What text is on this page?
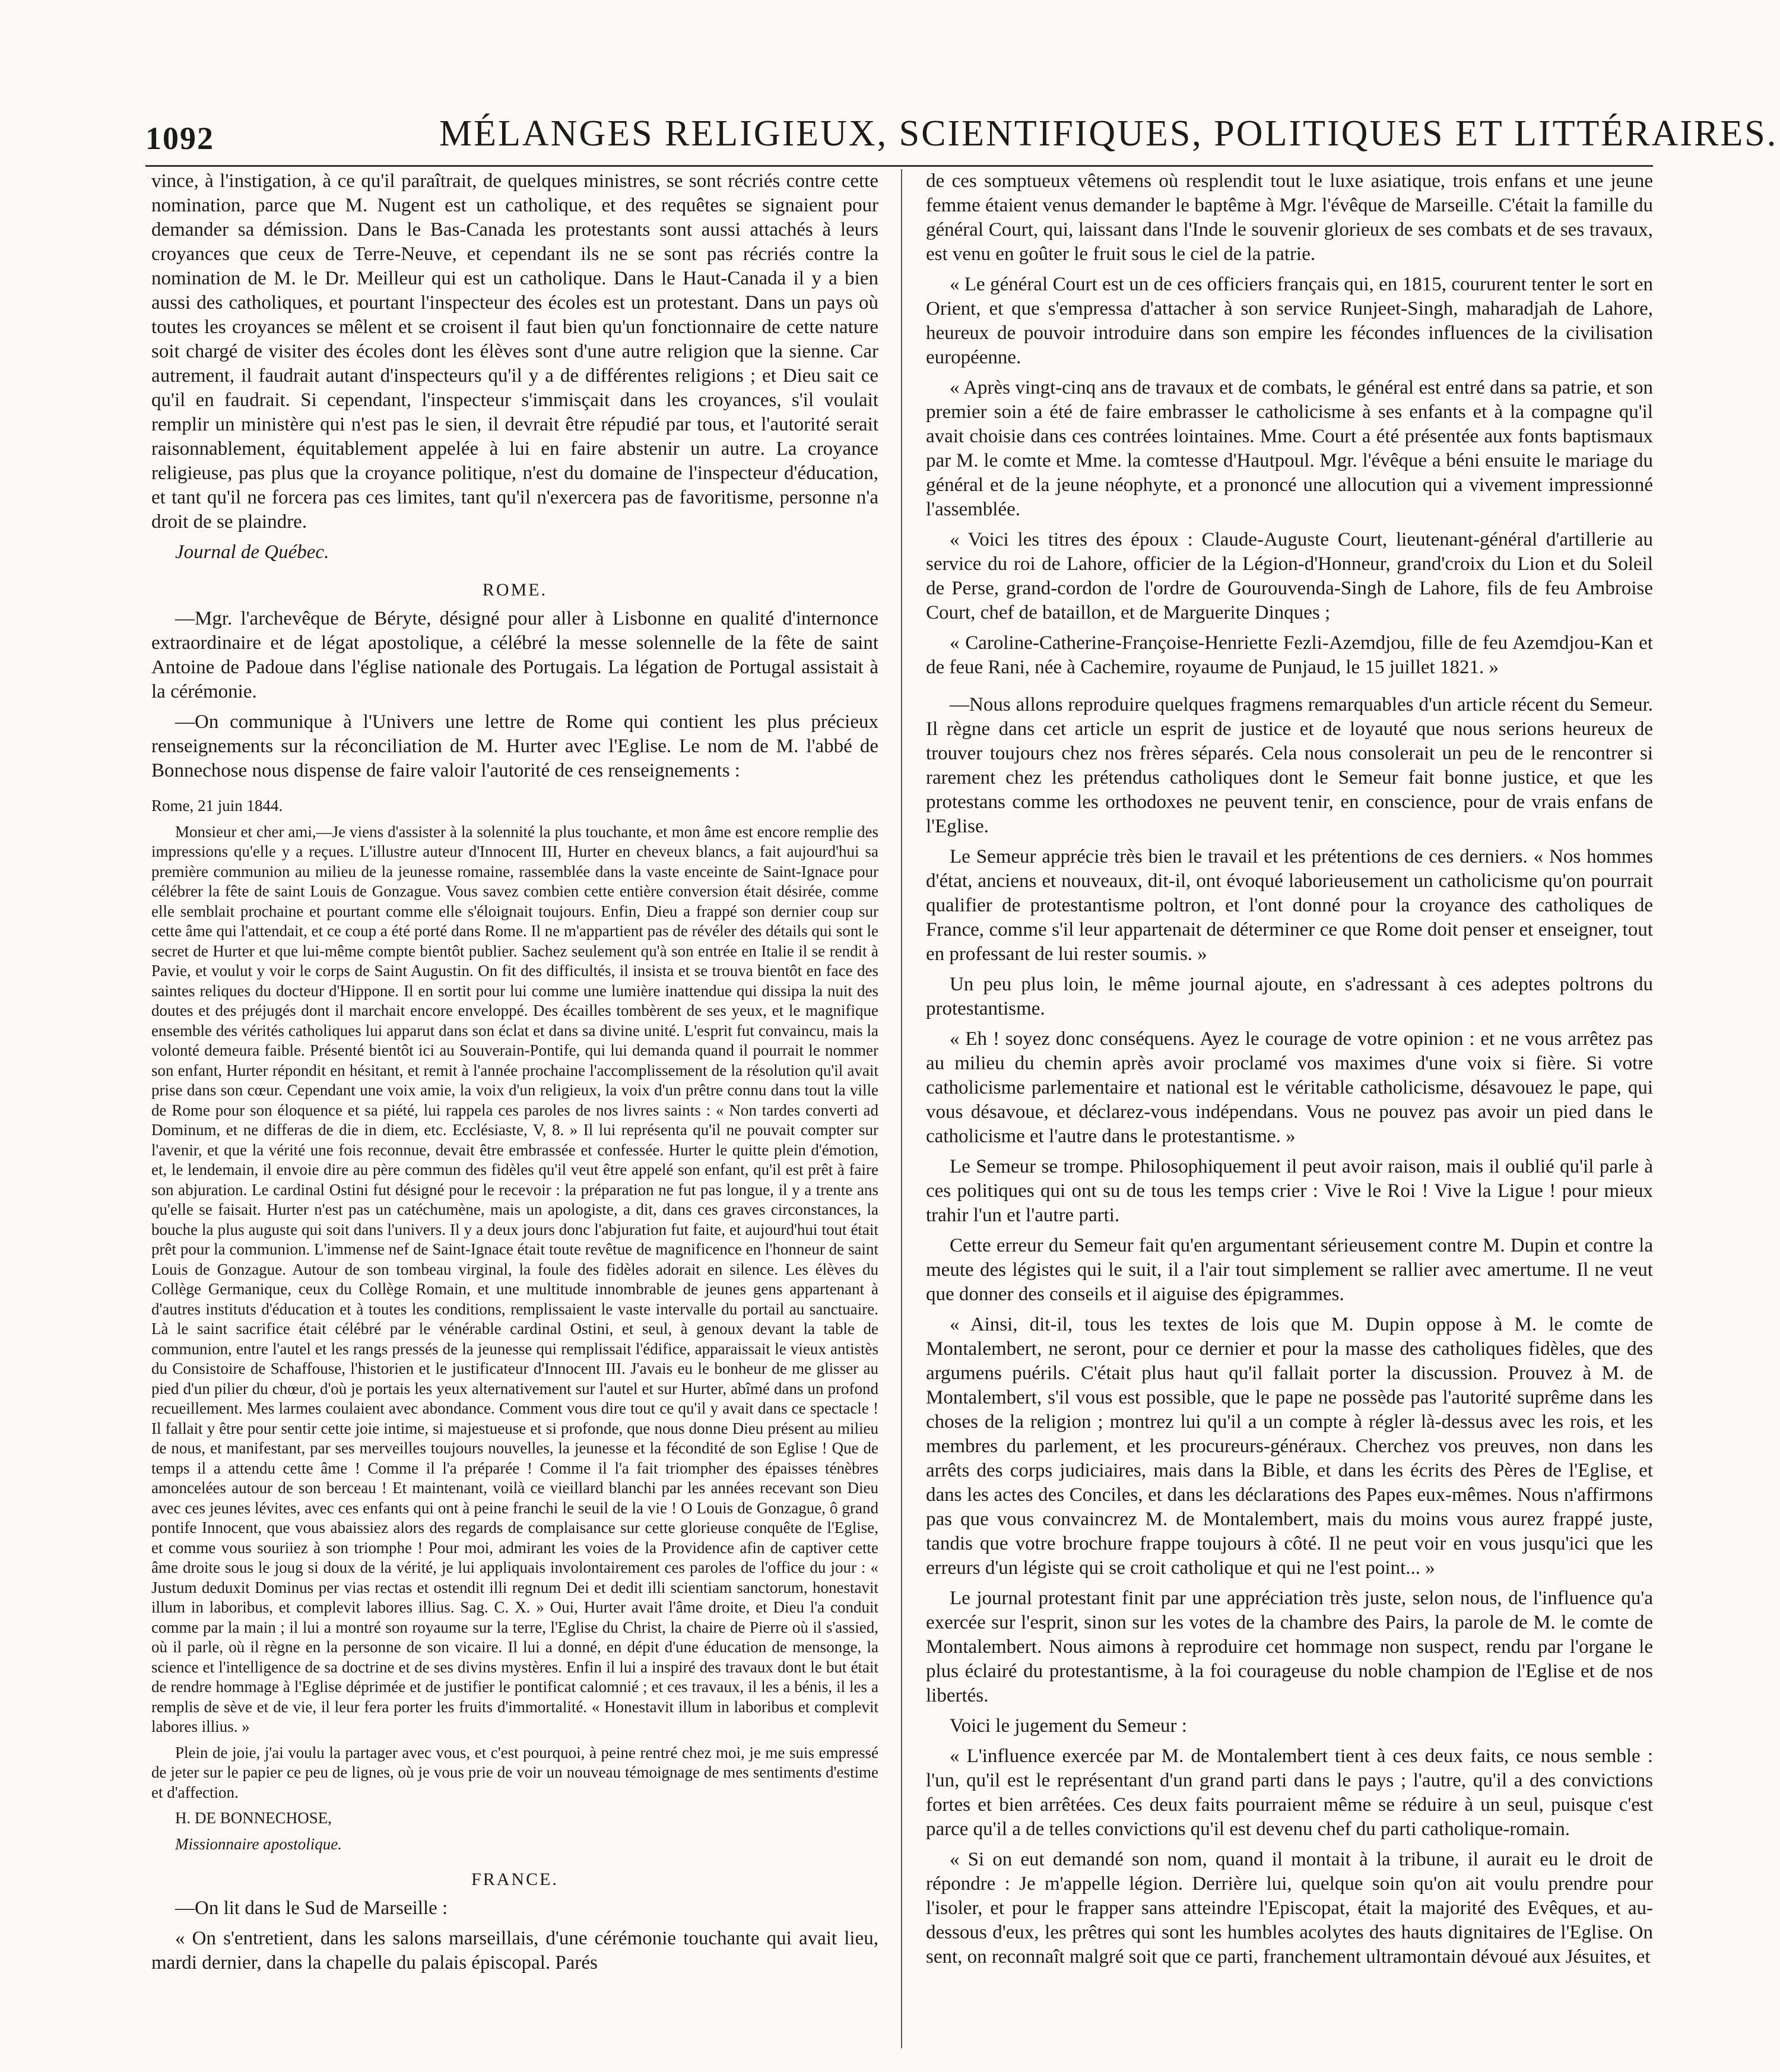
1092	MÉLANGES RELIGIEUX, SCIENTIFIQUES, POLITIQUES ET LITTÉRAIRES.

vince, à l'instigation, à ce qu'il paraîtrait, de quelques ministres, se sont récriés contre cette nomination, parce que M. Nugent est un catholique, et des requêtes se signaient pour demander sa démission. Dans le Bas-Canada les protestants sont aussi attachés à leurs croyances que ceux de Terre-Neuve, et cependant ils ne se sont pas récriés contre la nomination de M. le Dr. Meilleur qui est un catholique. Dans le Haut-Canada il y a bien aussi des catholiques, et pourtant l'inspecteur des écoles est un protestant. Dans un pays où toutes les croyances se mêlent et se croisent il faut bien qu'un fonctionnaire de cette nature soit chargé de visiter des écoles dont les élèves sont d'une autre religion que la sienne. Car autrement, il faudrait autant d'inspecteurs qu'il y a de différentes religions ; et Dieu sait ce qu'il en faudrait. Si cependant, l'inspecteur s'immisçait dans les croyances, s'il voulait remplir un ministère qui n'est pas le sien, il devrait être répudié par tous, et l'autorité serait raisonnablement, équitablement appelée à lui en faire abstenir un autre. La croyance religieuse, pas plus que la croyance politique, n'est du domaine de l'inspecteur d'éducation, et tant qu'il ne forcera pas ces limites, tant qu'il n'exercera pas de favoritisme, personne n'a droit de se plaindre.

Journal de Québec.

ROME.

—Mgr. l'archevêque de Béryte, désigné pour aller à Lisbonne en qualité d'internonce extraordinaire et de légat apostolique, a célébré la messe solennelle de la fête de saint Antoine de Padoue dans l'église nationale des Portugais. La légation de Portugal assistait à la cérémonie.

—On communique à l'Univers une lettre de Rome qui contient les plus précieux renseignements sur la réconciliation de M. Hurter avec l'Eglise. Le nom de M. l'abbé de Bonnechose nous dispense de faire valoir l'autorité de ces renseignements :

Rome, 21 juin 1844.

Monsieur et cher ami,—Je viens d'assister à la solennité la plus touchante, et mon âme est encore remplie des impressions qu'elle y a reçues. L'illustre auteur d'Innocent III, Hurter en cheveux blancs, a fait aujourd'hui sa première communion au milieu de la jeunesse romaine, rassemblée dans la vaste enceinte de Saint-Ignace pour célébrer la fête de saint Louis de Gonzague. Vous savez combien cette entière conversion était désirée, comme elle semblait prochaine et pourtant comme elle s'éloignait toujours. Enfin, Dieu a frappé son dernier coup sur cette âme qui l'attendait, et ce coup a été porté dans Rome. Il ne m'appartient pas de révéler des détails qui sont le secret de Hurter et que lui-même compte bientôt publier. Sachez seulement qu'à son entrée en Italie il se rendit à Pavie, et voulut y voir le corps de Saint Augustin. On fit des difficultés, il insista et se trouva bientôt en face des saintes reliques du docteur d'Hippone. Il en sortit pour lui comme une lumière inattendue qui dissipa la nuit des doutes et des préjugés dont il marchait encore enveloppé. Des écailles tombèrent de ses yeux, et le magnifique ensemble des vérités catholiques lui apparut dans son éclat et dans sa divine unité. L'esprit fut convaincu, mais la volonté demeura faible. Présenté bientôt ici au Souverain-Pontife, qui lui demanda quand il pourrait le nommer son enfant, Hurter répondit en hésitant, et remit à l'année prochaine l'accomplissement de la résolution qu'il avait prise dans son cœur. Cependant une voix amie, la voix d'un religieux, la voix d'un prêtre connu dans tout la ville de Rome pour son éloquence et sa piété, lui rappela ces paroles de nos livres saints : « Non tardes converti ad Dominum, et ne differas de die in diem, etc. Ecclésiaste, V, 8. » Il lui représenta qu'il ne pouvait compter sur l'avenir, et que la vérité une fois reconnue, devait être embrassée et confessée. Hurter le quitte plein d'émotion, et, le lendemain, il envoie dire au père commun des fidèles qu'il veut être appelé son enfant, qu'il est prêt à faire son abjuration. Le cardinal Ostini fut désigné pour le recevoir : la préparation ne fut pas longue, il y a trente ans qu'elle se faisait. Hurter n'est pas un catéchumène, mais un apologiste, a dit, dans ces graves circonstances, la bouche la plus auguste qui soit dans l'univers. Il y a deux jours donc l'abjuration fut faite, et aujourd'hui tout était prêt pour la communion. L'immense nef de Saint-Ignace était toute revêtue de magnificence en l'honneur de saint Louis de Gonzague. Autour de son tombeau virginal, la foule des fidèles adorait en silence. Les élèves du Collège Germanique, ceux du Collège Romain, et une multitude innombrable de jeunes gens appartenant à d'autres instituts d'éducation et à toutes les conditions, remplissaient le vaste intervalle du portail au sanctuaire. Là le saint sacrifice était célébré par le vénérable cardinal Ostini, et seul, à genoux devant la table de communion, entre l'autel et les rangs pressés de la jeunesse qui remplissait l'édifice, apparaissait le vieux antistès du Consistoire de Schaffouse, l'historien et le justificateur d'Innocent III. J'avais eu le bonheur de me glisser au pied d'un pilier du chœur, d'où je portais les yeux alternativement sur l'autel et sur Hurter, abîmé dans un profond recueillement. Mes larmes coulaient avec abondance. Comment vous dire tout ce qu'il y avait dans ce spectacle ! Il fallait y être pour sentir cette joie intime, si majestueuse et si profonde, que nous donne Dieu présent au milieu de nous, et manifestant, par ses merveilles toujours nouvelles, la jeunesse et la fécondité de son Eglise ! Que de temps il a attendu cette âme ! Comme il l'a préparée ! Comme il l'a fait triompher des épaisses ténèbres amoncelées autour de son berceau ! Et maintenant, voilà ce vieillard blanchi par les années recevant son Dieu avec ces jeunes lévites, avec ces enfants qui ont à peine franchi le seuil de la vie ! O Louis de Gonzague, ô grand pontife Innocent, que vous abaissiez alors des regards de complaisance sur cette glorieuse conquête de l'Eglise, et comme vous souriiez à son triomphe ! Pour moi, admirant les voies de la Providence afin de captiver cette âme droite sous le joug si doux de la vérité, je lui appliquais involontairement ces paroles de l'office du jour : « Justum deduxit Dominus per vias rectas et ostendit illi regnum Dei et dedit illi scientiam sanctorum, honestavit illum in laboribus, et complevit labores illius. Sag. C. X. » Oui, Hurter avait l'âme droite, et Dieu l'a conduit comme par la main ; il lui a montré son royaume sur la terre, l'Eglise du Christ, la chaire de Pierre où il s'assied, où il parle, où il règne en la personne de son vicaire. Il lui a donné, en dépit d'une éducation de mensonge, la science et l'intelligence de sa doctrine et de ses divins mystères. Enfin il lui a inspiré des travaux dont le but était de rendre hommage à l'Eglise déprimée et de justifier le pontificat calomnié ; et ces travaux, il les a bénis, il les a remplis de sève et de vie, il leur fera porter les fruits d'immortalité. « Honestavit illum in laboribus et complevit labores illius. »

Plein de joie, j'ai voulu la partager avec vous, et c'est pourquoi, à peine rentré chez moi, je me suis empressé de jeter sur le papier ce peu de lignes, où je vous prie de voir un nouveau témoignage de mes sentiments d'estime et d'affection.

H. DE BONNECHOSE,

Missionnaire apostolique.

FRANCE.

—On lit dans le Sud de Marseille :

« On s'entretient, dans les salons marseillais, d'une cérémonie touchante qui avait lieu, mardi dernier, dans la chapelle du palais épiscopal. Parés

de ces somptueux vêtemens où resplendit tout le luxe asiatique, trois enfans et une jeune femme étaient venus demander le baptême à Mgr. l'évêque de Marseille. C'était la famille du général Court, qui, laissant dans l'Inde le souvenir glorieux de ses combats et de ses travaux, est venu en goûter le fruit sous le ciel de la patrie.

« Le général Court est un de ces officiers français qui, en 1815, coururent tenter le sort en Orient, et que s'empressa d'attacher à son service Runjeet-Singh, maharadjah de Lahore, heureux de pouvoir introduire dans son empire les fécondes influences de la civilisation européenne.

« Après vingt-cinq ans de travaux et de combats, le général est entré dans sa patrie, et son premier soin a été de faire embrasser le catholicisme à ses enfants et à la compagne qu'il avait choisie dans ces contrées lointaines. Mme. Court a été présentée aux fonts baptismaux par M. le comte et Mme. la comtesse d'Hautpoul. Mgr. l'évêque a béni ensuite le mariage du général et de la jeune néophyte, et a prononcé une allocution qui a vivement impressionné l'assemblée.

« Voici les titres des époux : Claude-Auguste Court, lieutenant-général d'artillerie au service du roi de Lahore, officier de la Légion-d'Honneur, grand'croix du Lion et du Soleil de Perse, grand-cordon de l'ordre de Gourouvenda-Singh de Lahore, fils de feu Ambroise Court, chef de bataillon, et de Marguerite Dinques ;

« Caroline-Catherine-Françoise-Henriette Fezli-Azemdjou, fille de feu Azemdjou-Kan et de feue Rani, née à Cachemire, royaume de Punjaud, le 15 juillet 1821. »

—Nous allons reproduire quelques fragmens remarquables d'un article récent du Semeur. Il règne dans cet article un esprit de justice et de loyauté que nous serions heureux de trouver toujours chez nos frères séparés. Cela nous consolerait un peu de le rencontrer si rarement chez les prétendus catholiques dont le Semeur fait bonne justice, et que les protestans comme les orthodoxes ne peuvent tenir, en conscience, pour de vrais enfans de l'Eglise.

Le Semeur apprécie très bien le travail et les prétentions de ces derniers. « Nos hommes d'état, anciens et nouveaux, dit-il, ont évoqué laborieusement un catholicisme qu'on pourrait qualifier de protestantisme poltron, et l'ont donné pour la croyance des catholiques de France, comme s'il leur appartenait de déterminer ce que Rome doit penser et enseigner, tout en professant de lui rester soumis. »

Un peu plus loin, le même journal ajoute, en s'adressant à ces adeptes poltrons du protestantisme.

« Eh ! soyez donc conséquens. Ayez le courage de votre opinion : et ne vous arrêtez pas au milieu du chemin après avoir proclamé vos maximes d'une voix si fière. Si votre catholicisme parlementaire et national est le véritable catholicisme, désavouez le pape, qui vous désavoue, et déclarez-vous indépendans. Vous ne pouvez pas avoir un pied dans le catholicisme et l'autre dans le protestantisme. »

Le Semeur se trompe. Philosophiquement il peut avoir raison, mais il oublié qu'il parle à ces politiques qui ont su de tous les temps crier : Vive le Roi ! Vive la Ligue ! pour mieux trahir l'un et l'autre parti.

Cette erreur du Semeur fait qu'en argumentant sérieusement contre M. Dupin et contre la meute des légistes qui le suit, il a l'air tout simplement se rallier avec amertume. Il ne veut que donner des conseils et il aiguise des épigrammes.

« Ainsi, dit-il, tous les textes de lois que M. Dupin oppose à M. le comte de Montalembert, ne seront, pour ce dernier et pour la masse des catholiques fidèles, que des argumens puérils. C'était plus haut qu'il fallait porter la discussion. Prouvez à M. de Montalembert, s'il vous est possible, que le pape ne possède pas l'autorité suprême dans les choses de la religion ; montrez lui qu'il a un compte à régler là-dessus avec les rois, et les membres du parlement, et les procureurs-généraux. Cherchez vos preuves, non dans les arrêts des corps judiciaires, mais dans la Bible, et dans les écrits des Pères de l'Eglise, et dans les actes des Conciles, et dans les déclarations des Papes eux-mêmes. Nous n'affirmons pas que vous convaincrez M. de Montalembert, mais du moins vous aurez frappé juste, tandis que votre brochure frappe toujours à côté. Il ne peut voir en vous jusqu'ici que les erreurs d'un légiste qui se croit catholique et qui ne l'est point... »

Le journal protestant finit par une appréciation très juste, selon nous, de l'influence qu'a exercée sur l'esprit, sinon sur les votes de la chambre des Pairs, la parole de M. le comte de Montalembert. Nous aimons à reproduire cet hommage non suspect, rendu par l'organe le plus éclairé du protestantisme, à la foi courageuse du noble champion de l'Eglise et de nos libertés.

Voici le jugement du Semeur :

« L'influence exercée par M. de Montalembert tient à ces deux faits, ce nous semble : l'un, qu'il est le représentant d'un grand parti dans le pays ; l'autre, qu'il a des convictions fortes et bien arrêtées. Ces deux faits pourraient même se réduire à un seul, puisque c'est parce qu'il a de telles convictions qu'il est devenu chef du parti catholique-romain.

« Si on eut demandé son nom, quand il montait à la tribune, il aurait eu le droit de répondre : Je m'appelle légion. Derrière lui, quelque soin qu'on ait voulu prendre pour l'isoler, et pour le frapper sans atteindre l'Episcopat, était la majorité des Evêques, et au-dessous d'eux, les prêtres qui sont les humbles acolytes des hauts dignitaires de l'Eglise. On sent, on reconnaît malgré soit que ce parti, franchement ultramontain dévoué aux Jésuites, et
